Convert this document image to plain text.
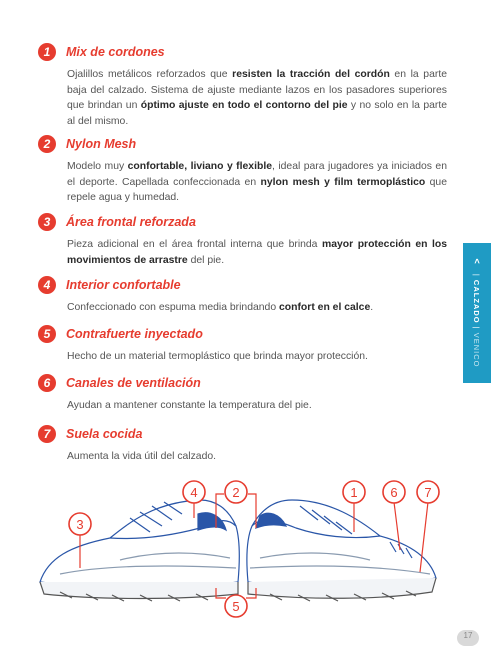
1	Mix de cordones
Ojalillos metálicos reforzados que resisten la tracción del cordón en la parte baja del calzado. Sistema de ajuste mediante lazos en los pasadores superiores que brindan un óptimo ajuste en todo el contorno del pie y no solo en la parte al del mismo.
2	Nylon Mesh
Modelo muy confortable, liviano y flexible, ideal para jugadores ya iniciados en el deporte. Capellada confeccionada en nylon mesh y film termoplástico que repele agua y humedad.
3	Área frontal reforzada
Pieza adicional en el área frontal interna que brinda mayor protección en los movimientos de arrastre del pie.
4	Interior confortable
Confeccionado con espuma media brindando confort en el calce.
5	Contrafuerte inyectado
Hecho de un material termoplástico que brinda mayor protección.
6	Canales de ventilación
Ayudan a mantener constante la temperatura del pie.
7	Suela cocida
Aumenta la vida útil del calzado.
< | CALZADO | VENICO
4	2	1	6 7
3
5
17
